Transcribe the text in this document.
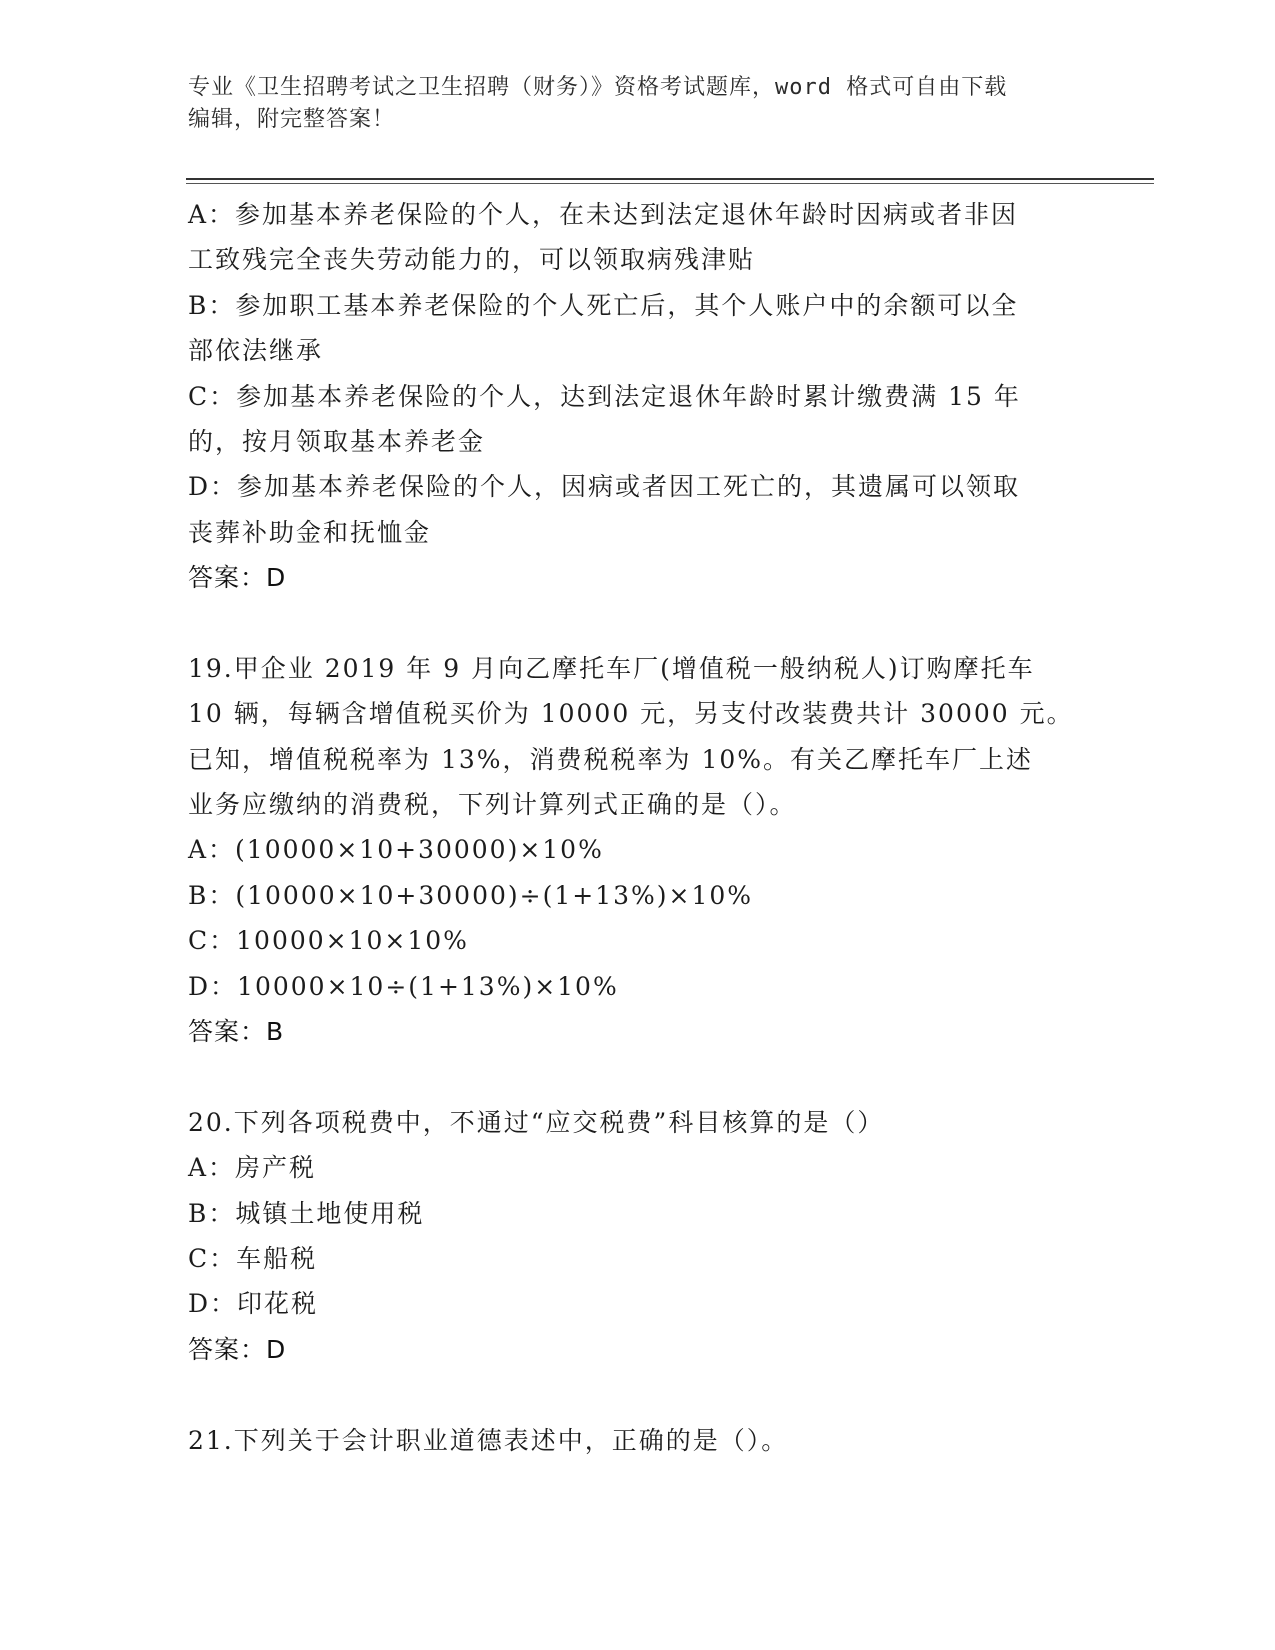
专业《卫生招聘考试之卫生招聘（财务）》资格考试题库，word 格式可自由下载
编辑，附完整答案！
A：参加基本养老保险的个人，在未达到法定退休年龄时因病或者非因
工致残完全丧失劳动能力的，可以领取病残津贴
B：参加职工基本养老保险的个人死亡后，其个人账户中的余额可以全
部依法继承
C：参加基本养老保险的个人，达到法定退休年龄时累计缴费满 15 年
的，按月领取基本养老金
D：参加基本养老保险的个人，因病或者因工死亡的，其遗属可以领取
丧葬补助金和抚恤金
答案：D
19.甲企业 2019 年 9 月向乙摩托车厂(增值税一般纳税人)订购摩托车
10 辆，每辆含增值税买价为 10000 元，另支付改装费共计 30000 元。
已知，增值税税率为 13%，消费税税率为 10%。有关乙摩托车厂上述
业务应缴纳的消费税，下列计算列式正确的是（）。
A：(10000×10+30000)×10%
B：(10000×10+30000)÷(1+13%)×10%
C：10000×10×10%
D：10000×10÷(1+13%)×10%
答案：B
20.下列各项税费中，不通过“应交税费”科目核算的是（）
A：房产税
B：城镇土地使用税
C：车船税
D：印花税
答案：D
21.下列关于会计职业道德表述中，正确的是（）。
